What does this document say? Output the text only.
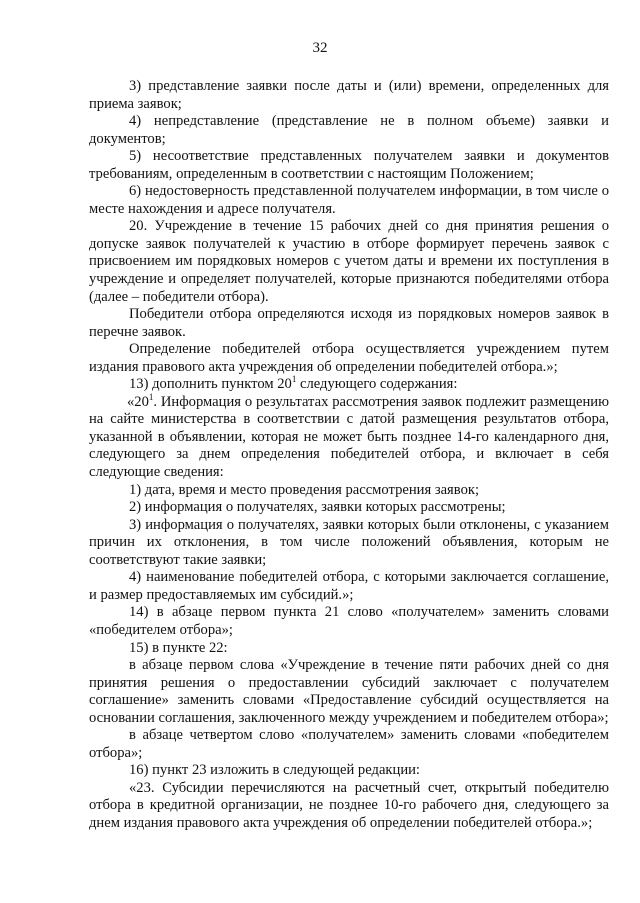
32

3) представление заявки после даты и (или) времени, определенных для приема заявок;

4) непредставление (представление не в полном объеме) заявки и документов;

5) несоответствие представленных получателем заявки и документов требованиям, определенным в соответствии с настоящим Положением;

6) недостоверность представленной получателем информации, в том числе о месте нахождения и адресе получателя.

20. Учреждение в течение 15 рабочих дней со дня принятия решения о допуске заявок получателей к участию в отборе формирует перечень заявок с присвоением им порядковых номеров с учетом даты и времени их поступления в учреждение и определяет получателей, которые признаются победителями отбора (далее – победители отбора).

Победители отбора определяются исходя из порядковых номеров заявок в перечне заявок.

Определение победителей отбора осуществляется учреждением путем издания правового акта учреждения об определении победителей отбора.»;

13) дополнить пунктом $20^1$ следующего содержания:

«$20^1$. Информация о результатах рассмотрения заявок подлежит размещению на сайте министерства в соответствии с датой размещения результатов отбора, указанной в объявлении, которая не может быть позднее 14-го календарного дня, следующего за днем определения победителей отбора, и включает в себя следующие сведения:

1) дата, время и место проведения рассмотрения заявок;

2) информация о получателях, заявки которых рассмотрены;

3) информация о получателях, заявки которых были отклонены, с указанием причин их отклонения, в том числе положений объявления, которым не соответствуют такие заявки;

4) наименование победителей отбора, с которыми заключается соглашение, и размер предоставляемых им субсидий.»;

14) в абзаце первом пункта 21 слово «получателем» заменить словами «победителем отбора»;

15) в пункте 22:

в абзаце первом слова «Учреждение в течение пяти рабочих дней со дня принятия решения о предоставлении субсидий заключает с получателем соглашение» заменить словами «Предоставление субсидий осуществляется на основании соглашения, заключенного между учреждением и победителем отбора»;

в абзаце четвертом слово «получателем» заменить словами «победителем отбора»;

16) пункт 23 изложить в следующей редакции:

«23. Субсидии перечисляются на расчетный счет, открытый победителю отбора в кредитной организации, не позднее 10-го рабочего дня, следующего за днем издания правового акта учреждения об определении победителей отбора.»;
